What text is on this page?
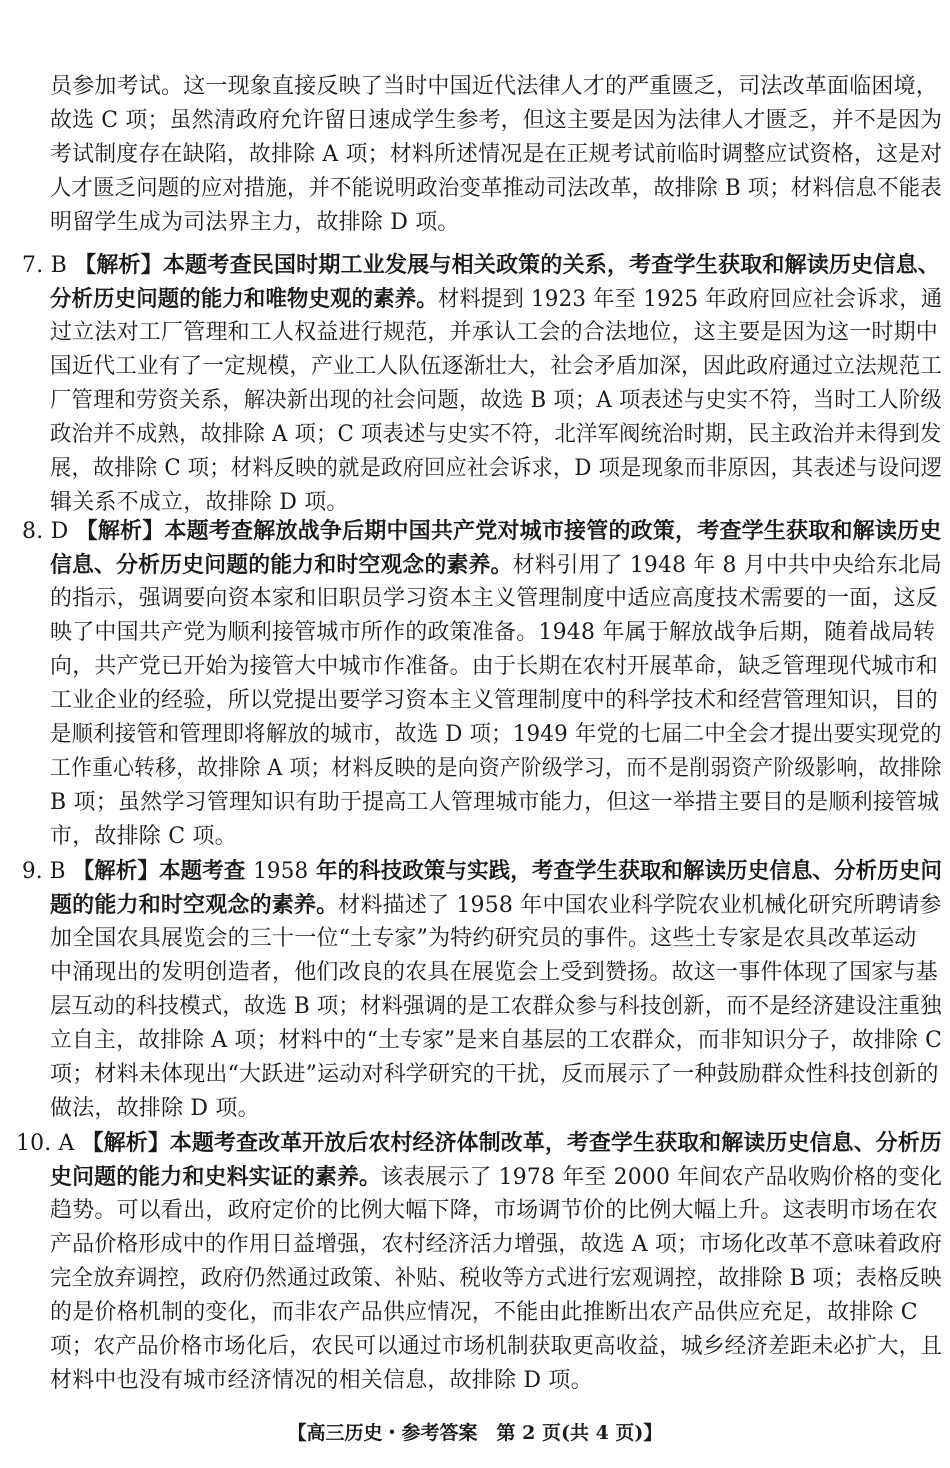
员参加考试。这一现象直接反映了当时中国近代法律人才的严重匮乏，司法改革面临困境，
故选 C 项；虽然清政府允许留日速成学生参考，但这主要是因为法律人才匮乏，并不是因为
考试制度存在缺陷，故排除 A 项；材料所述情况是在正规考试前临时调整应试资格，这是对
人才匮乏问题的应对措施，并不能说明政治变革推动司法改革，故排除 B 项；材料信息不能表
明留学生成为司法界主力，故排除 D 项。
7. B 【解析】本题考查民国时期工业发展与相关政策的关系，考查学生获取和解读历史信息、
分析历史问题的能力和唯物史观的素养。材料提到 1923 年至 1925 年政府回应社会诉求，通
过立法对工厂管理和工人权益进行规范，并承认工会的合法地位，这主要是因为这一时期中
国近代工业有了一定规模，产业工人队伍逐渐壮大，社会矛盾加深，因此政府通过立法规范工
厂管理和劳资关系，解决新出现的社会问题，故选 B 项；A 项表述与史实不符，当时工人阶级
政治并不成熟，故排除 A 项；C 项表述与史实不符，北洋军阀统治时期，民主政治并未得到发
展，故排除 C 项；材料反映的就是政府回应社会诉求，D 项是现象而非原因，其表述与设问逻
辑关系不成立，故排除 D 项。
8. D 【解析】本题考查解放战争后期中国共产党对城市接管的政策，考查学生获取和解读历史
信息、分析历史问题的能力和时空观念的素养。材料引用了 1948 年 8 月中共中央给东北局
的指示，强调要向资本家和旧职员学习资本主义管理制度中适应高度技术需要的一面，这反
映了中国共产党为顺利接管城市所作的政策准备。1948 年属于解放战争后期，随着战局转
向，共产党已开始为接管大中城市作准备。由于长期在农村开展革命，缺乏管理现代城市和
工业企业的经验，所以党提出要学习资本主义管理制度中的科学技术和经营管理知识，目的
是顺利接管和管理即将解放的城市，故选 D 项；1949 年党的七届二中全会才提出要实现党的
工作重心转移，故排除 A 项；材料反映的是向资产阶级学习，而不是削弱资产阶级影响，故排除
B 项；虽然学习管理知识有助于提高工人管理城市能力，但这一举措主要目的是顺利接管城
市，故排除 C 项。
9. B 【解析】本题考查 1958 年的科技政策与实践，考查学生获取和解读历史信息、分析历史问
题的能力和时空观念的素养。材料描述了 1958 年中国农业科学院农业机械化研究所聘请参
加全国农具展览会的三十一位“土专家”为特约研究员的事件。这些土专家是农具改革运动
中涌现出的发明创造者，他们改良的农具在展览会上受到赞扬。故这一事件体现了国家与基
层互动的科技模式，故选 B 项；材料强调的是工农群众参与科技创新，而不是经济建设注重独
立自主，故排除 A 项；材料中的“土专家”是来自基层的工农群众，而非知识分子，故排除 C
项；材料未体现出“大跃进”运动对科学研究的干扰，反而展示了一种鼓励群众性科技创新的
做法，故排除 D 项。
10. A 【解析】本题考查改革开放后农村经济体制改革，考查学生获取和解读历史信息、分析历
史问题的能力和史料实证的素养。该表展示了 1978 年至 2000 年间农产品收购价格的变化
趋势。可以看出，政府定价的比例大幅下降，市场调节价的比例大幅上升。这表明市场在农
产品价格形成中的作用日益增强，农村经济活力增强，故选 A 项；市场化改革不意味着政府
完全放弃调控，政府仍然通过政策、补贴、税收等方式进行宏观调控，故排除 B 项；表格反映
的是价格机制的变化，而非农产品供应情况，不能由此推断出农产品供应充足，故排除 C
项；农产品价格市场化后，农民可以通过市场机制获取更高收益，城乡经济差距未必扩大，且
材料中也没有城市经济情况的相关信息，故排除 D 项。
【高三历史・参考答案　第 2 页(共 4 页)】
